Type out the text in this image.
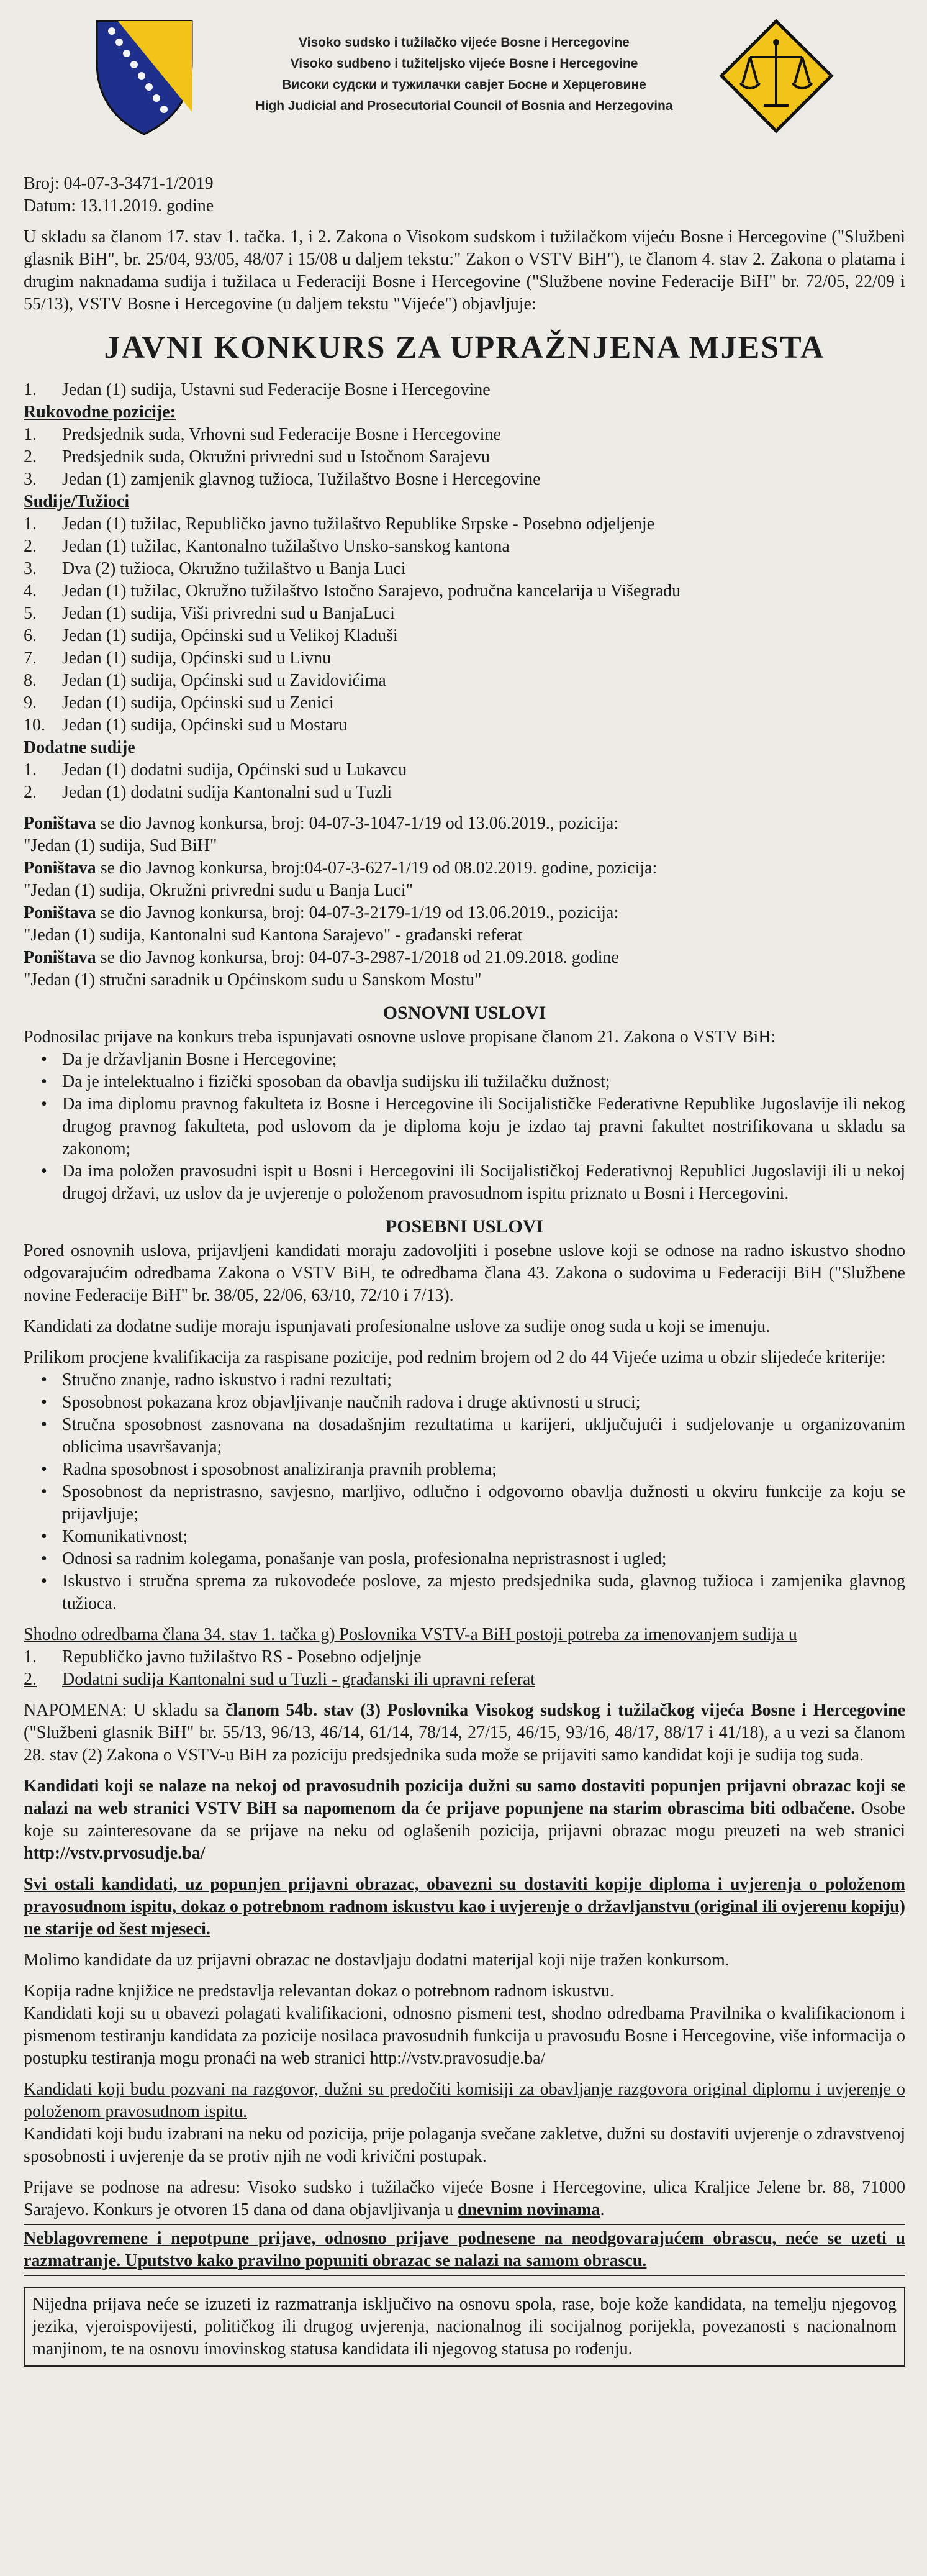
Visoko sudsko i tužilačko vijeće Bosne i Hercegovine
Visoko sudbeno i tužiteljsko vijeće Bosne i Hercegovine
Високи судски и тужилачки савјет Босне и Херцеговине
High Judicial and Prosecutorial Council of Bosnia and Herzegovina

Broj: 04-07-3-3471-1/2019

Datum: 13.11.2019. godine

U skladu sa članom 17. stav 1. tačka. 1, i 2. Zakona o Visokom sudskom i tužilačkom vijeću Bosne i Hercegovine ("Službeni glasnik BiH", br. 25/04, 93/05, 48/07 i 15/08 u daljem tekstu:" Zakon o VSTV BiH"), te članom 4. stav 2. Zakona o platama i drugim naknadama sudija i tužilaca u Federaciji Bosne i Hercegovine ("Službene novine Federacije BiH" br. 72/05, 22/09 i 55/13), VSTV Bosne i Hercegovine (u daljem tekstu "Vijeće") objavljuje:

JAVNI KONKURS ZA UPRAŽNJENA MJESTA
1.	Jedan (1) sudija, Ustavni sud Federacije Bosne i Hercegovine

Rukovodne pozicije:

1.	Predsjednik suda, Vrhovni sud Federacije Bosne i Hercegovine
2.	Predsjednik suda, Okružni privredni sud u Istočnom Sarajevu
3.	Jedan (1) zamjenik glavnog tužioca, Tužilaštvo Bosne i Hercegovine

Sudije/Tužioci

1.	Jedan (1) tužilac, Republičko javno tužilaštvo Republike Srpske - Posebno odjeljenje
2.	Jedan (1) tužilac, Kantonalno tužilaštvo Unsko-sanskog kantona
3.	Dva (2) tužioca, Okružno tužilaštvo u Banja Luci
4.	Jedan (1) tužilac, Okružno tužilaštvo Istočno Sarajevo, područna kancelarija u Višegradu
5.	Jedan (1) sudija, Viši privredni sud u BanjaLuci
6.	Jedan (1) sudija, Općinski sud u Velikoj Kladuši
7.	Jedan (1) sudija, Općinski sud u Livnu
8.	Jedan (1) sudija, Općinski sud u Zavidovićima
9.	Jedan (1) sudija, Općinski sud u Zenici
10. Jedan (1) sudija, Općinski sud u Mostaru

Dodatne sudije

1.	Jedan (1) dodatni sudija, Općinski sud u Lukavcu
2.	Jedan (1) dodatni sudija Kantonalni sud u Tuzli

Poništava se dio Javnog konkursa, broj: 04-07-3-1047-1/19 od 13.06.2019., pozicija:

"Jedan (1) sudija, Sud BiH"

Poništava se dio Javnog konkursa, broj:04-07-3-627-1/19 od 08.02.2019. godine, pozicija:

"Jedan (1) sudija, Okružni privredni sudu u Banja Luci"

Poništava se dio Javnog konkursa, broj: 04-07-3-2179-1/19 od 13.06.2019., pozicija:

"Jedan (1) sudija, Kantonalni sud Kantona Sarajevo" - građanski referat

Poništava se dio Javnog konkursa, broj: 04-07-3-2987-1/2018 od 21.09.2018. godine

"Jedan (1) stručni saradnik u Općinskom sudu u Sanskom Mostu"

OSNOVNI USLOVI

Podnosilac prijave na konkurs treba ispunjavati osnovne uslove propisane članom 21. Zakona o VSTV BiH:

• Da je državljanin Bosne i Hercegovine;
• Da je intelektualno i fizički sposoban da obavlja sudijsku ili tužilačku dužnost;
• Da ima diplomu pravnog fakulteta iz Bosne i Hercegovine ili Socijalističke Federativne Republike Jugoslavije ili nekog drugog pravnog fakulteta, pod uslovom da je diploma koju je izdao taj pravni fakultet nostrifikovana u skladu sa zakonom;
• Da ima položen pravosudni ispit u Bosni i Hercegovini ili Socijalističkoj Federativnoj Republici Jugoslaviji ili u nekoj drugoj državi, uz uslov da je uvjerenje o položenom pravosudnom ispitu priznato u Bosni i Hercegovini.
POSEBNI USLOVI

Pored osnovnih uslova, prijavljeni kandidati moraju zadovoljiti i posebne uslove koji se odnose na radno iskustvo shodno odgovarajućim odredbama Zakona o VSTV BiH, te odredbama člana 43. Zakona o sudovima u Federaciji BiH ("Službene novine Federacije BiH" br. 38/05, 22/06, 63/10, 72/10 i 7/13).

Kandidati za dodatne sudije moraju ispunjavati profesionalne uslove za sudije onog suda u koji se imenuju.

Prilikom procjene kvalifikacija za raspisane pozicije, pod rednim brojem od 2 do 44 Vijeće uzima u obzir slijedeće kriterije:

• Stručno znanje, radno iskustvo i radni rezultati;
• Sposobnost pokazana kroz objavljivanje naučnih radova i druge aktivnosti u struci;
• Stručna sposobnost zasnovana na dosadašnjim rezultatima u karijeri, uključujući i sudjelovanje u organizovanim oblicima usavršavanja;
• Radna sposobnost i sposobnost analiziranja pravnih problema;
• Sposobnost da nepristrasno, savjesno, marljivo, odlučno i odgovorno obavlja dužnosti u okviru funkcije za koju se prijavljuje;
• Komunikativnost;
• Odnosi sa radnim kolegama, ponašanje van posla, profesionalna nepristrasnost i ugled;
• Iskustvo i stručna sprema za rukovodeće poslove, za mjesto predsjednika suda, glavnog tužioca i zamjenika glavnog tužioca.

Shodno odredbama člana 34. stav 1. tačka g) Poslovnika VSTV-a BiH postoji potreba za imenovanjem sudija u

1.	Republičko javno tužilaštvo RS - Posebno odjeljnje
2.	Dodatni sudija Kantonalni sud u Tuzli - građanski ili upravni referat

NAPOMENA: U skladu sa članom 54b. stav (3) Poslovnika Visokog sudskog i tužilačkog vijeća Bosne i Hercegovine ("Službeni glasnik BiH" br. 55/13, 96/13, 46/14, 61/14, 78/14, 27/15, 46/15, 93/16, 48/17, 88/17 i 41/18), a u vezi sa članom 28. stav (2) Zakona o VSTV-u BiH za poziciju predsjednika suda može se prijaviti samo kandidat koji je sudija tog suda.

Kandidati koji se nalaze na nekoj od pravosudnih pozicija dužni su samo dostaviti popunjen prijavni obrazac koji se nalazi na web stranici VSTV BiH sa napomenom da će prijave popunjene na starim obrascima biti odbačene. Osobe koje su zainteresovane da se prijave na neku od oglašenih pozicija, prijavni obrazac mogu preuzeti na web stranici http://vstv.prvosudje.ba/

Svi ostali kandidati, uz popunjen prijavni obrazac, obavezni su dostaviti kopije diploma i uvjerenja o položenom pravosudnom ispitu, dokaz o potrebnom radnom iskustvu kao i uvjerenje o državljanstvu (original ili ovjerenu kopiju) ne starije od šest mjeseci.

Molimo kandidate da uz prijavni obrazac ne dostavljaju dodatni materijal koji nije tražen konkursom.

Kopija radne knjižice ne predstavlja relevantan dokaz o potrebnom radnom iskustvu.

Kandidati koji su u obavezi polagati kvalifikacioni, odnosno pismeni test, shodno odredbama Pravilnika o kvalifikacionom i pismenom testiranju kandidata za pozicije nosilaca pravosudnih funkcija u pravosuđu Bosne i Hercegovine, više informacija o postupku testiranja mogu pronaći na web stranici http://vstv.pravosudje.ba/

Kandidati koji budu pozvani na razgovor, dužni su predočiti komisiji za obavljanje razgovora original diplomu i uvjerenje o položenom pravosudnom ispitu.

Kandidati koji budu izabrani na neku od pozicija, prije polaganja svečane zakletve, dužni su dostaviti uvjerenje o zdravstvenoj sposobnosti i uvjerenje da se protiv njih ne vodi krivični postupak.

Prijave se podnose na adresu: Visoko sudsko i tužilačko vijeće Bosne i Hercegovine, ulica Kraljice Jelene br. 88, 71000 Sarajevo. Konkurs je otvoren 15 dana od dana objavljivanja u dnevnim novinama.

Neblagovremene i nepotpune prijave, odnosno prijave podnesene na neodgovarajućem obrascu, neće se uzeti u razmatranje. Uputstvo kako pravilno popuniti obrazac se nalazi na samom obrascu.

Nijedna prijava neće se izuzeti iz razmatranja isključivo na osnovu spola, rase, boje kože kandidata, na temelju njegovog jezika, vjeroispovijesti, političkog ili drugog uvjerenja, nacionalnog ili socijalnog porijekla, povezanosti s nacionalnom manjinom, te na osnovu imovinskog statusa kandidata ili njegovog statusa po rođenju.
